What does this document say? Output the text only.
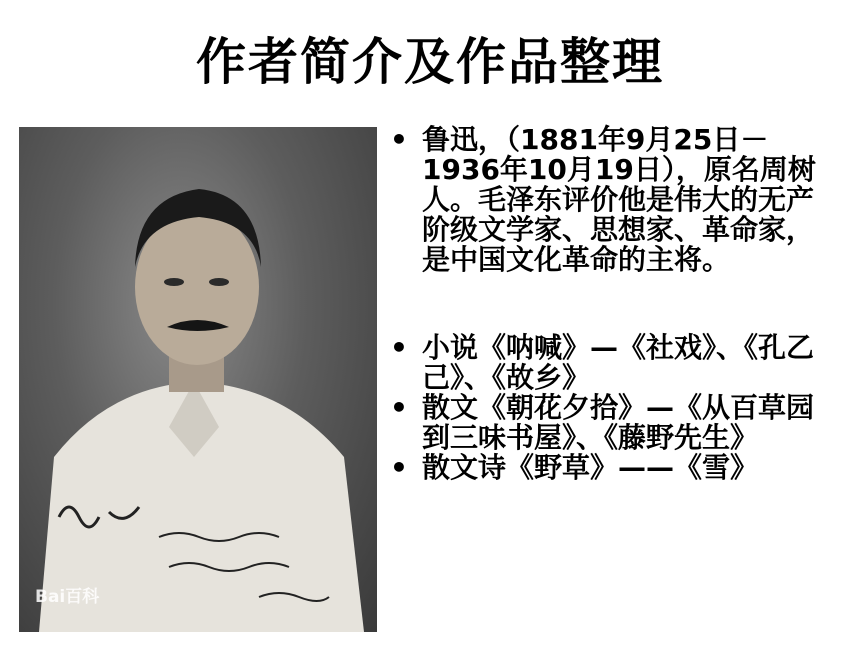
作者简介及作品整理
Bai百科
• 鲁迅，（1881年9月25日－1936年10月19日），原名周树人。毛泽东评价他是伟大的无产阶级文学家、思想家、革命家，是中国文化革命的主将。
• 小说《呐喊》—《社戏》、《孔乙己》、《故乡》
• 散文《朝花夕拾》—《从百草园到三味书屋》、《藤野先生》
• 散文诗《野草》——《雪》
